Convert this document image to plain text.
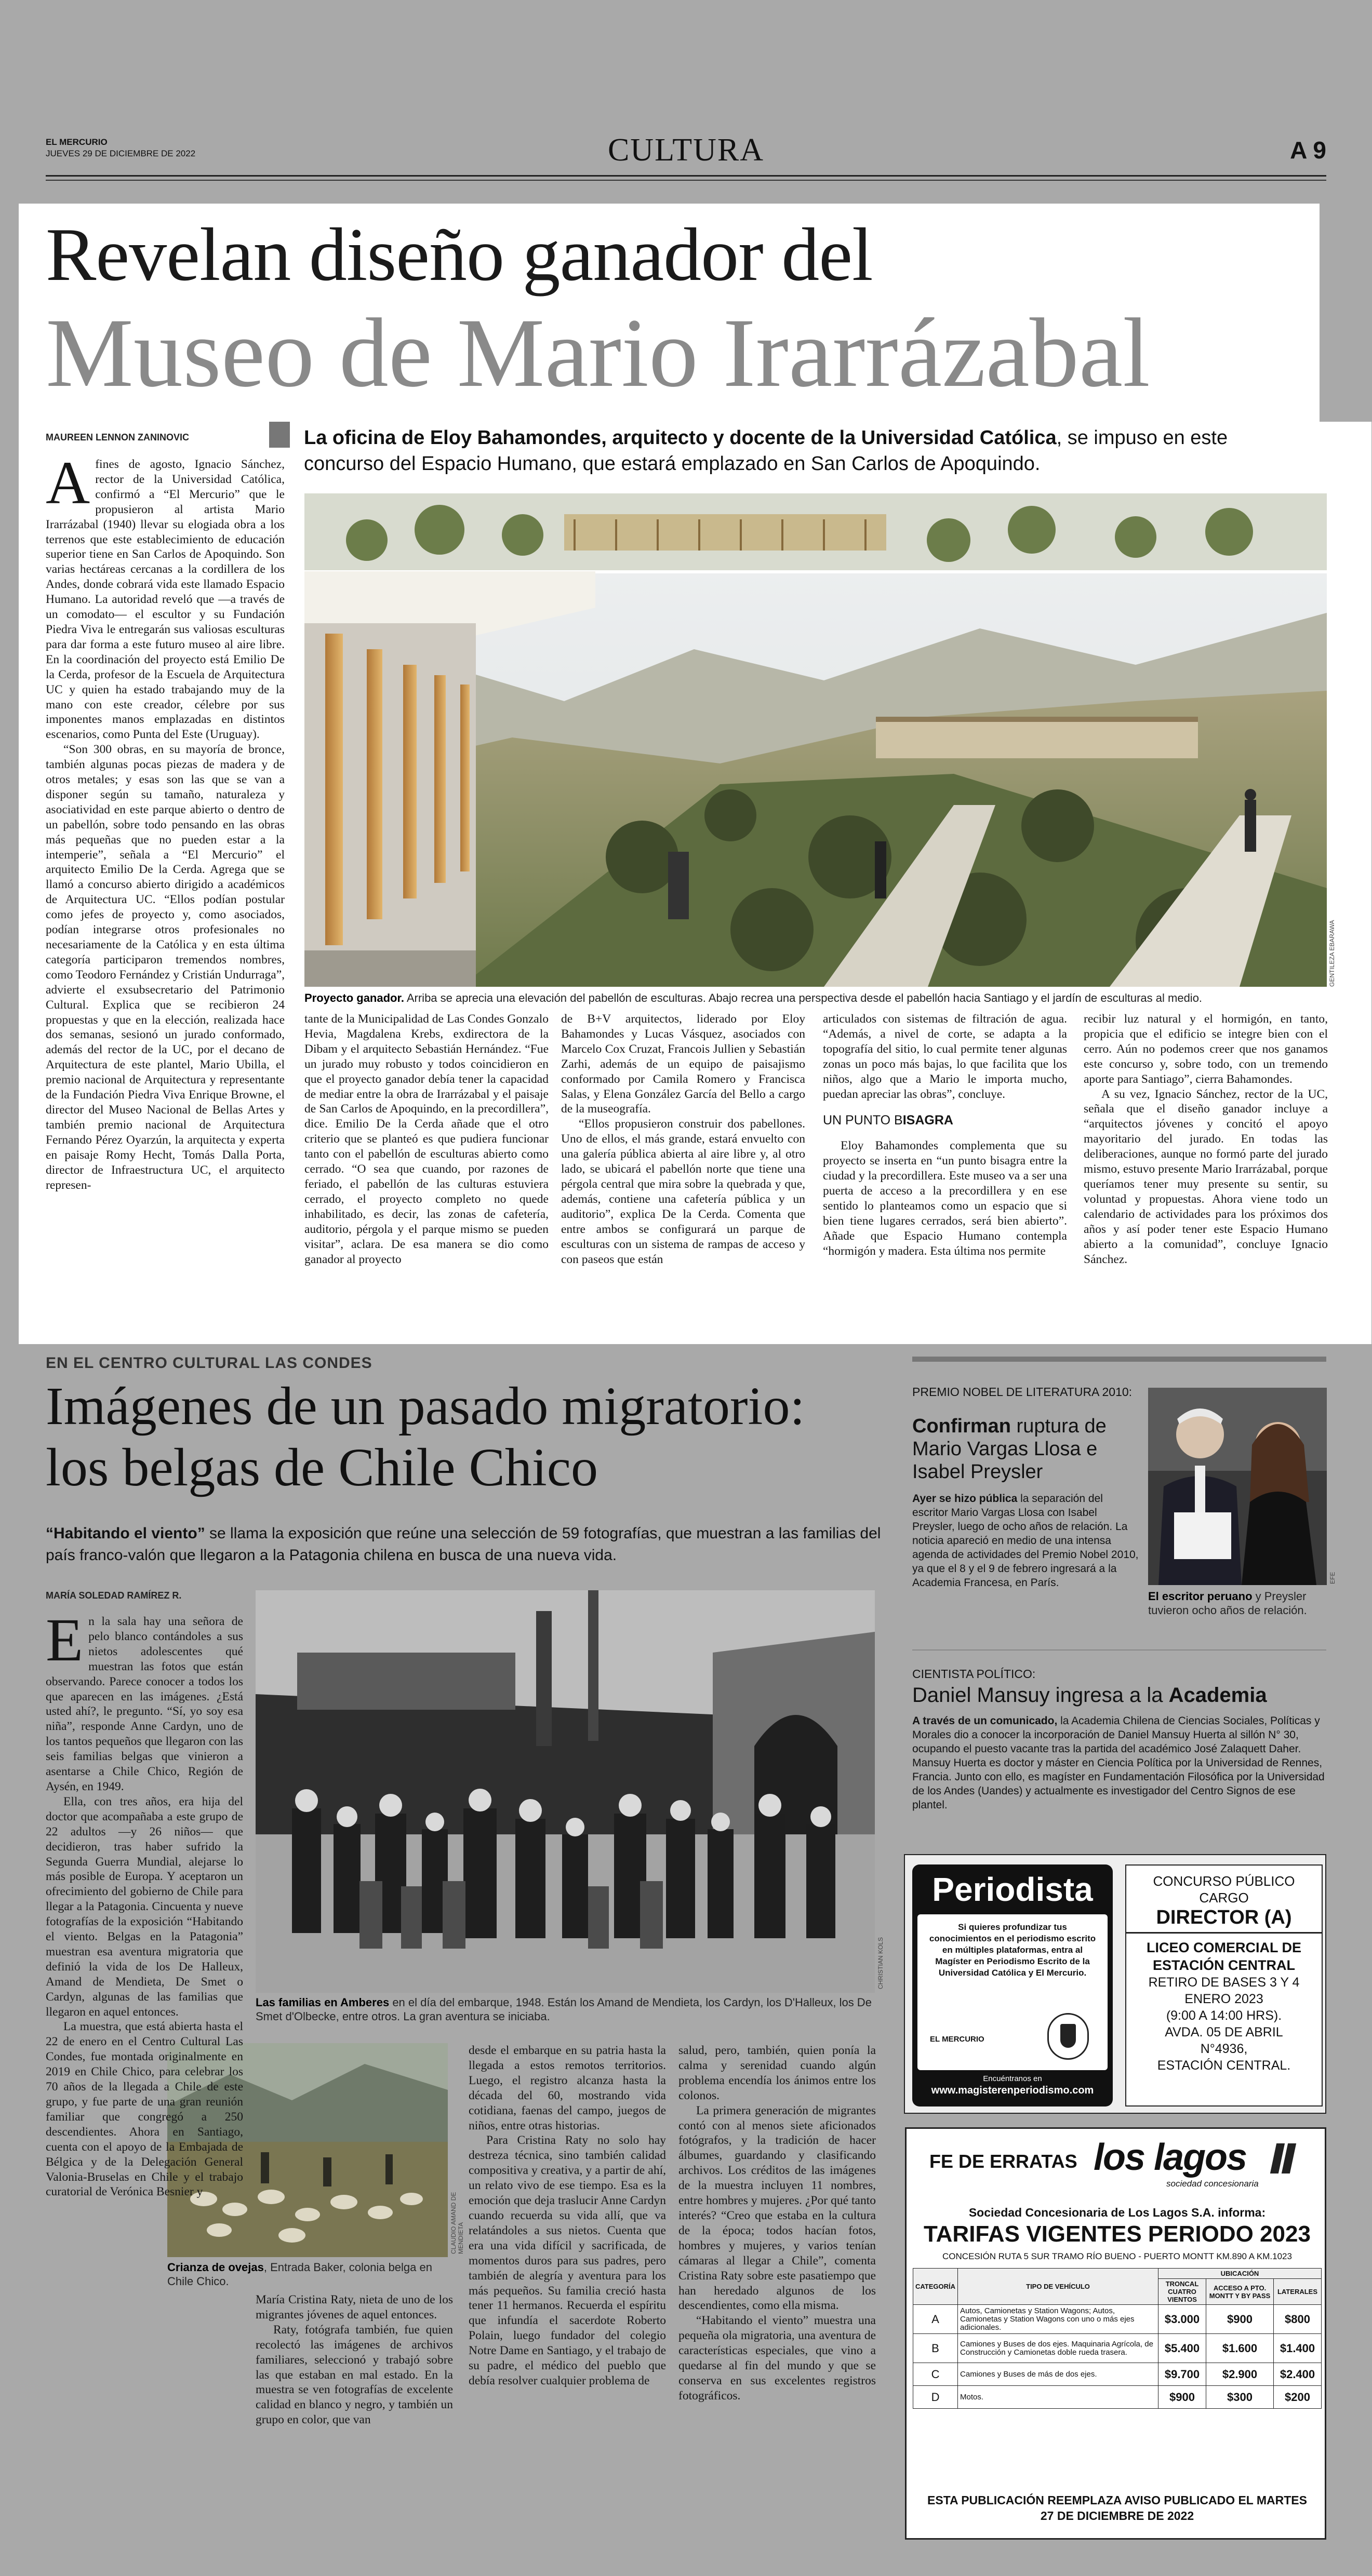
EL MERCURIO
JUEVES 29 DE DICIEMBRE DE 2022	CULTURA	A 9
Revelan diseño ganador del
Museo de Mario Irarrázabal
MAUREEN LENNON ZANINOVIC	La oficina de Eloy Bahamondes, arquitecto y docente de la Universidad Católica, se impuso en este concurso del Espacio Humano, que estará emplazado en San Carlos de Apoquindo.
GENTILEZA EBARAWA
Proyecto ganador. Arriba se aprecia una elevación del pabellón de esculturas. Abajo recrea una perspectiva desde el pabellón hacia Santiago y el jardín de esculturas al medio.
A fines de agosto, Ignacio Sánchez, rector de la Universidad Católica, confirmó a “El Mercurio” que le propusieron al artista Mario Irarrázabal (1940) llevar su elogiada obra a los terrenos que este establecimiento de educación superior tiene en San Carlos de Apoquindo. Son varias hectáreas cercanas a la cordillera de los Andes, donde cobrará vida este llamado Espacio Humano. La autoridad reveló que —a través de un comodato— el escultor y su Fundación Piedra Viva le entregarán sus valiosas esculturas para dar forma a este futuro museo al aire libre. En la coordinación del proyecto está Emilio De la Cerda, profesor de la Escuela de Arquitectura UC y quien ha estado trabajando muy de la mano con este creador, célebre por sus imponentes manos emplazadas en distintos escenarios, como Punta del Este (Uruguay).

“Son 300 obras, en su mayoría de bronce, también algunas pocas piezas de madera y de otros metales; y esas son las que se van a disponer según su tamaño, naturaleza y asociatividad en este parque abierto o dentro de un pabellón, sobre todo pensando en las obras más pequeñas que no pueden estar a la intemperie”, señala a “El Mercurio” el arquitecto Emilio De la Cerda. Agrega que se llamó a concurso abierto dirigido a académicos de Arquitectura UC. “Ellos podían postular como jefes de proyecto y, como asociados, podían integrarse otros profesionales no necesariamente de la Católica y en esta última categoría participaron tremendos nombres, como Teodoro Fernández y Cristián Undurraga”, advierte el exsubsecretario del Patrimonio Cultural. Explica que se recibieron 24 propuestas y que en la elección, realizada hace dos semanas, sesionó un jurado conformado, además del rector de la UC, por el decano de Arquitectura de este plantel, Mario Ubilla, el premio nacional de Arquitectura y representante de la Fundación Piedra Viva Enrique Browne, el director del Museo Nacional de Bellas Artes y también premio nacional de Arquitectura Fernando Pérez Oyarzún, la arquitecta y experta en paisaje Romy Hecht, Tomás Dalla Porta, director de Infraestructura UC, el arquitecto represen-

tante de la Municipalidad de Las Condes Gonzalo Hevia, Magdalena Krebs, exdirectora de la Dibam y el arquitecto Sebastián Hernández. “Fue un jurado muy robusto y todos coincidieron en que el proyecto ganador debía tener la capacidad de mediar entre la obra de Irarrázabal y el paisaje de San Carlos de Apoquindo, en la precordillera”, dice. Emilio De la Cerda añade que el otro criterio que se planteó es que pudiera funcionar tanto con el pabellón de esculturas abierto como cerrado. “O sea que cuando, por razones de feriado, el pabellón de las culturas estuviera cerrado, el proyecto completo no quede inhabilitado, es decir, las zonas de cafetería, auditorio, pérgola y el parque mismo se pueden visitar”, aclara. De esa manera se dio como ganador al proyecto

de B+V arquitectos, liderado por Eloy Bahamondes y Lucas Vásquez, asociados con Marcelo Cox Cruzat, Francois Jullien y Sebastián Zarhi, además de un equipo de paisajismo conformado por Camila Romero y Francisca Salas, y Elena González García del Bello a cargo de la museografía.

“Ellos propusieron construir dos pabellones. Uno de ellos, el más grande, estará envuelto con una galería pública abierta al aire libre y, al otro lado, se ubicará el pabellón norte que tiene una pérgola central que mira sobre la quebrada y que, además, contiene una cafetería pública y un auditorio”, explica De la Cerda. Comenta que entre ambos se configurará un parque de esculturas con un sistema de rampas de acceso y con paseos que están

articulados con sistemas de filtración de agua. “Además, a nivel de corte, se adapta a la topografía del sitio, lo cual permite tener algunas zonas un poco más bajas, lo que facilita que los niños, algo que a Mario le importa mucho, puedan apreciar las obras”, concluye.

UN PUNTO BISAGRA

Eloy Bahamondes complementa que su proyecto se inserta en “un punto bisagra entre la ciudad y la precordillera. Este museo va a ser una puerta de acceso a la precordillera y en ese sentido lo planteamos como un espacio que si bien tiene lugares cerrados, será bien abierto”. Añade que Espacio Humano contempla “hormigón y madera. Esta última nos permite

recibir luz natural y el hormigón, en tanto, propicia que el edificio se integre bien con el cerro. Aún no podemos creer que nos ganamos este concurso y, sobre todo, con un tremendo aporte para Santiago”, cierra Bahamondes.

A su vez, Ignacio Sánchez, rector de la UC, señala que el diseño ganador incluye a “arquitectos jóvenes y concitó el apoyo mayoritario del jurado. En todas las deliberaciones, aunque no formó parte del jurado mismo, estuvo presente Mario Irarrázabal, porque queríamos tener muy presente su sentir, su voluntad y propuestas. Ahora viene todo un calendario de actividades para los próximos dos años y así poder tener este Espacio Humano abierto a la comunidad”, concluye Ignacio Sánchez.

EN EL CENTRO CULTURAL LAS CONDES
Imágenes de un pasado migratorio:
los belgas de Chile Chico
“Habitando el viento” se llama la exposición que reúne una selección de 59 fotografías, que muestran a las familias del país franco-valón que llegaron a la Patagonia chilena en busca de una nueva vida.
MARÍA SOLEDAD RAMÍREZ R.
CHRISTIAN KOLS
Las familias en Amberes en el día del embarque, 1948. Están los Amand de Mendieta, los Cardyn, los D'Halleux, los De Smet d'Olbecke, entre otros. La gran aventura se iniciaba.
CLAUDIO AMAND DE MENDIETA
Crianza de ovejas, Entrada Baker, colonia belga en Chile Chico.
E n la sala hay una señora de pelo blanco contándoles a sus nietos adolescentes qué muestran las fotos que están observando. Parece conocer a todos los que aparecen en las imágenes. ¿Está usted ahí?, le pregunto. “Sí, yo soy esa niña”, responde Anne Cardyn, uno de los tantos pequeños que llegaron con las seis familias belgas que vinieron a asentarse a Chile Chico, Región de Aysén, en 1949.

Ella, con tres años, era hija del doctor que acompañaba a este grupo de 22 adultos —y 26 niños— que decidieron, tras haber sufrido la Segunda Guerra Mundial, alejarse lo más posible de Europa. Y aceptaron un ofrecimiento del gobierno de Chile para llegar a la Patagonia. Cincuenta y nueve fotografías de la exposición “Habitando el viento. Belgas en la Patagonia” muestran esa aventura migratoria que definió la vida de los De Halleux, Amand de Mendieta, De Smet o Cardyn, algunas de las familias que llegaron en aquel entonces.

La muestra, que está abierta hasta el 22 de enero en el Centro Cultural Las Condes, fue montada originalmente en 2019 en Chile Chico, para celebrar los 70 años de la llegada a Chile de este grupo, y fue parte de una gran reunión familiar que congregó a 250 descendientes. Ahora en Santiago, cuenta con el apoyo de la Embajada de Bélgica y de la Delegación General Valonia-Bruselas en Chile y el trabajo curatorial de Verónica Besnier y

María Cristina Raty, nieta de uno de los migrantes jóvenes de aquel entonces.

Raty, fotógrafa también, fue quien recolectó las imágenes de archivos familiares, seleccionó y trabajó sobre las que estaban en mal estado. En la muestra se ven fotografías de excelente calidad en blanco y negro, y también un grupo en color, que van

desde el embarque en su patria hasta la llegada a estos remotos territorios. Luego, el registro alcanza hasta la década del 60, mostrando vida cotidiana, faenas del campo, juegos de niños, entre otras historias.

Para Cristina Raty no solo hay destreza técnica, sino también calidad compositiva y creativa, y a partir de ahí, un relato vivo de ese tiempo. Esa es la emoción que deja traslucir Anne Cardyn cuando recuerda su vida allí, que va relatándoles a sus nietos. Cuenta que era una vida difícil y sacrificada, de momentos duros para sus padres, pero también de alegría y aventura para los más pequeños. Su familia creció hasta tener 11 hermanos. Recuerda el espíritu que infundía el sacerdote Roberto Polain, luego fundador del colegio Notre Dame en Santiago, y el trabajo de su padre, el médico del pueblo que debía resolver cualquier problema de

salud, pero, también, quien ponía la calma y serenidad cuando algún problema encendía los ánimos entre los colonos.

La primera generación de migrantes contó con al menos siete aficionados fotógrafos, y la tradición de hacer álbumes, guardando y clasificando archivos. Los créditos de las imágenes de la muestra incluyen 11 nombres, entre hombres y mujeres. ¿Por qué tanto interés? “Creo que estaba en la cultura de la época; todos hacían fotos, hombres y mujeres, y varios tenían cámaras al llegar a Chile”, comenta Cristina Raty sobre este pasatiempo que han heredado algunos de los descendientes, como ella misma.

“Habitando el viento” muestra una pequeña ola migratoria, una aventura de características especiales, que vino a quedarse al fin del mundo y que se conserva en sus excelentes registros fotográficos.

PREMIO NOBEL DE LITERATURA 2010:
Confirman ruptura de Mario Vargas Llosa e Isabel Preysler
Ayer se hizo pública la separación del escritor Mario Vargas Llosa con Isabel Preysler, luego de ocho años de relación. La noticia apareció en medio de una intensa agenda de actividades del Premio Nobel 2010, ya que el 8 y el 9 de febrero ingresará a la Academia Francesa, en París.	EFE
El escritor peruano y Preysler tuvieron ocho años de relación.
CIENTISTA POLÍTICO:
Daniel Mansuy ingresa a la Academia
A través de un comunicado, la Academia Chilena de Ciencias Sociales, Políticas y Morales dio a conocer la incorporación de Daniel Mansuy Huerta al sillón N° 30, ocupando el puesto vacante tras la partida del académico José Zalaquett Daher. Mansuy Huerta es doctor y máster en Ciencia Política por la Universidad de Rennes, Francia. Junto con ello, es magíster en Fundamentación Filosófica por la Universidad de los Andes (Uandes) y actualmente es investigador del Centro Signos de ese plantel.
Periodista
Si quieres profundizar tus conocimientos en el periodismo escrito en múltiples plataformas, entra al Magíster en Periodismo Escrito de la Universidad Católica y El Mercurio.
EL MERCURIO
Encuéntranos en
www.magisterenperiodismo.com
CONCURSO PÚBLICO
CARGO
DIRECTOR (A)
LICEO COMERCIAL DE
ESTACIÓN CENTRAL
RETIRO DE BASES 3 Y 4
ENERO 2023
(9:00 A 14:00 HRS).
AVDA. 05 DE ABRIL
N°4936,
ESTACIÓN CENTRAL.
FE DE ERRATAS los lagos
sociedad concesionaria
Sociedad Concesionaria de Los Lagos S.A. informa:
TARIFAS VIGENTES PERIODO 2023
CONCESIÓN RUTA 5 SUR TRAMO RÍO BUENO - PUERTO MONTT KM.890 A KM.1023
CATEGORÍA	TIPO DE VEHÍCULO	UBICACIÓN		
		TRONCAL CUATRO VIENTOS	ACCESO A PTO. MONTT Y BY PASS	LATERALES
A	Autos, Camionetas y Station Wagons; Autos, Camionetas y Station Wagons con uno o más ejes adicionales.	$3.000	$900	$800
B	Camiones y Buses de dos ejes. Maquinaria Agrícola, de Construcción y Camionetas doble rueda trasera.	$5.400	$1.600	$1.400
C	Camiones y Buses de más de dos ejes.	$9.700	$2.900	$2.400
D	Motos.	$900	$300	$200
ESTA PUBLICACIÓN REEMPLAZA AVISO PUBLICADO EL MARTES 27 DE DICIEMBRE DE 2022
